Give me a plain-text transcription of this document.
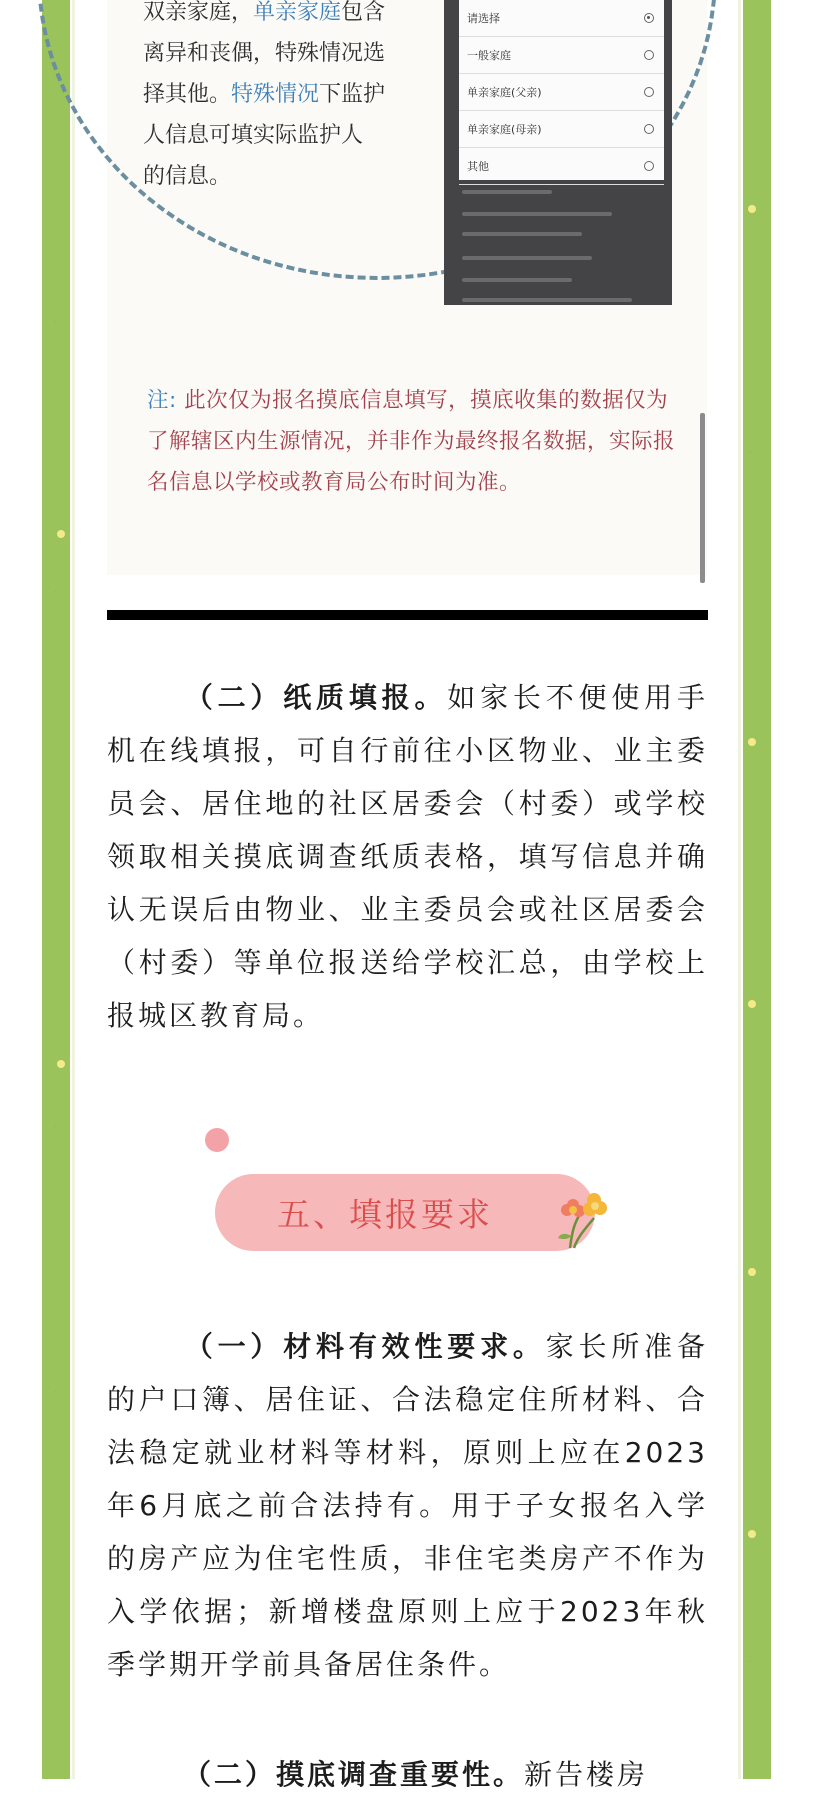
ᐝ
ᐝ
ᐝ
ᐝ
ᐝ
ᐝ
双亲家庭，单亲家庭包含
离异和丧偶，特殊情况选
择其他。特殊情况下监护
人信息可填实际监护人
的信息。
请选择
一般家庭
单亲家庭(父亲)
单亲家庭(母亲)
其他
注: 此次仅为报名摸底信息填写，摸底收集的数据仅为了解辖区内生源情况，并非作为最终报名数据，实际报名信息以学校或教育局公布时间为准。
（二）纸质填报。如家长不便使用手机在线填报，可自行前往小区物业、业主委员会、居住地的社区居委会（村委）或学校领取相关摸底调查纸质表格，填写信息并确认无误后由物业、业主委员会或社区居委会（村委）等单位报送给学校汇总，由学校上报城区教育局。
五、填报要求
（一）材料有效性要求。家长所准备的户口簿、居住证、合法稳定住所材料、合法稳定就业材料等材料，原则上应在2023年6月底之前合法持有。用于子女报名入学的房产应为住宅性质，非住宅类房产不作为入学依据；新增楼盘原则上应于2023年秋季学期开学前具备居住条件。
（二）摸底调查重要性。新告楼房
